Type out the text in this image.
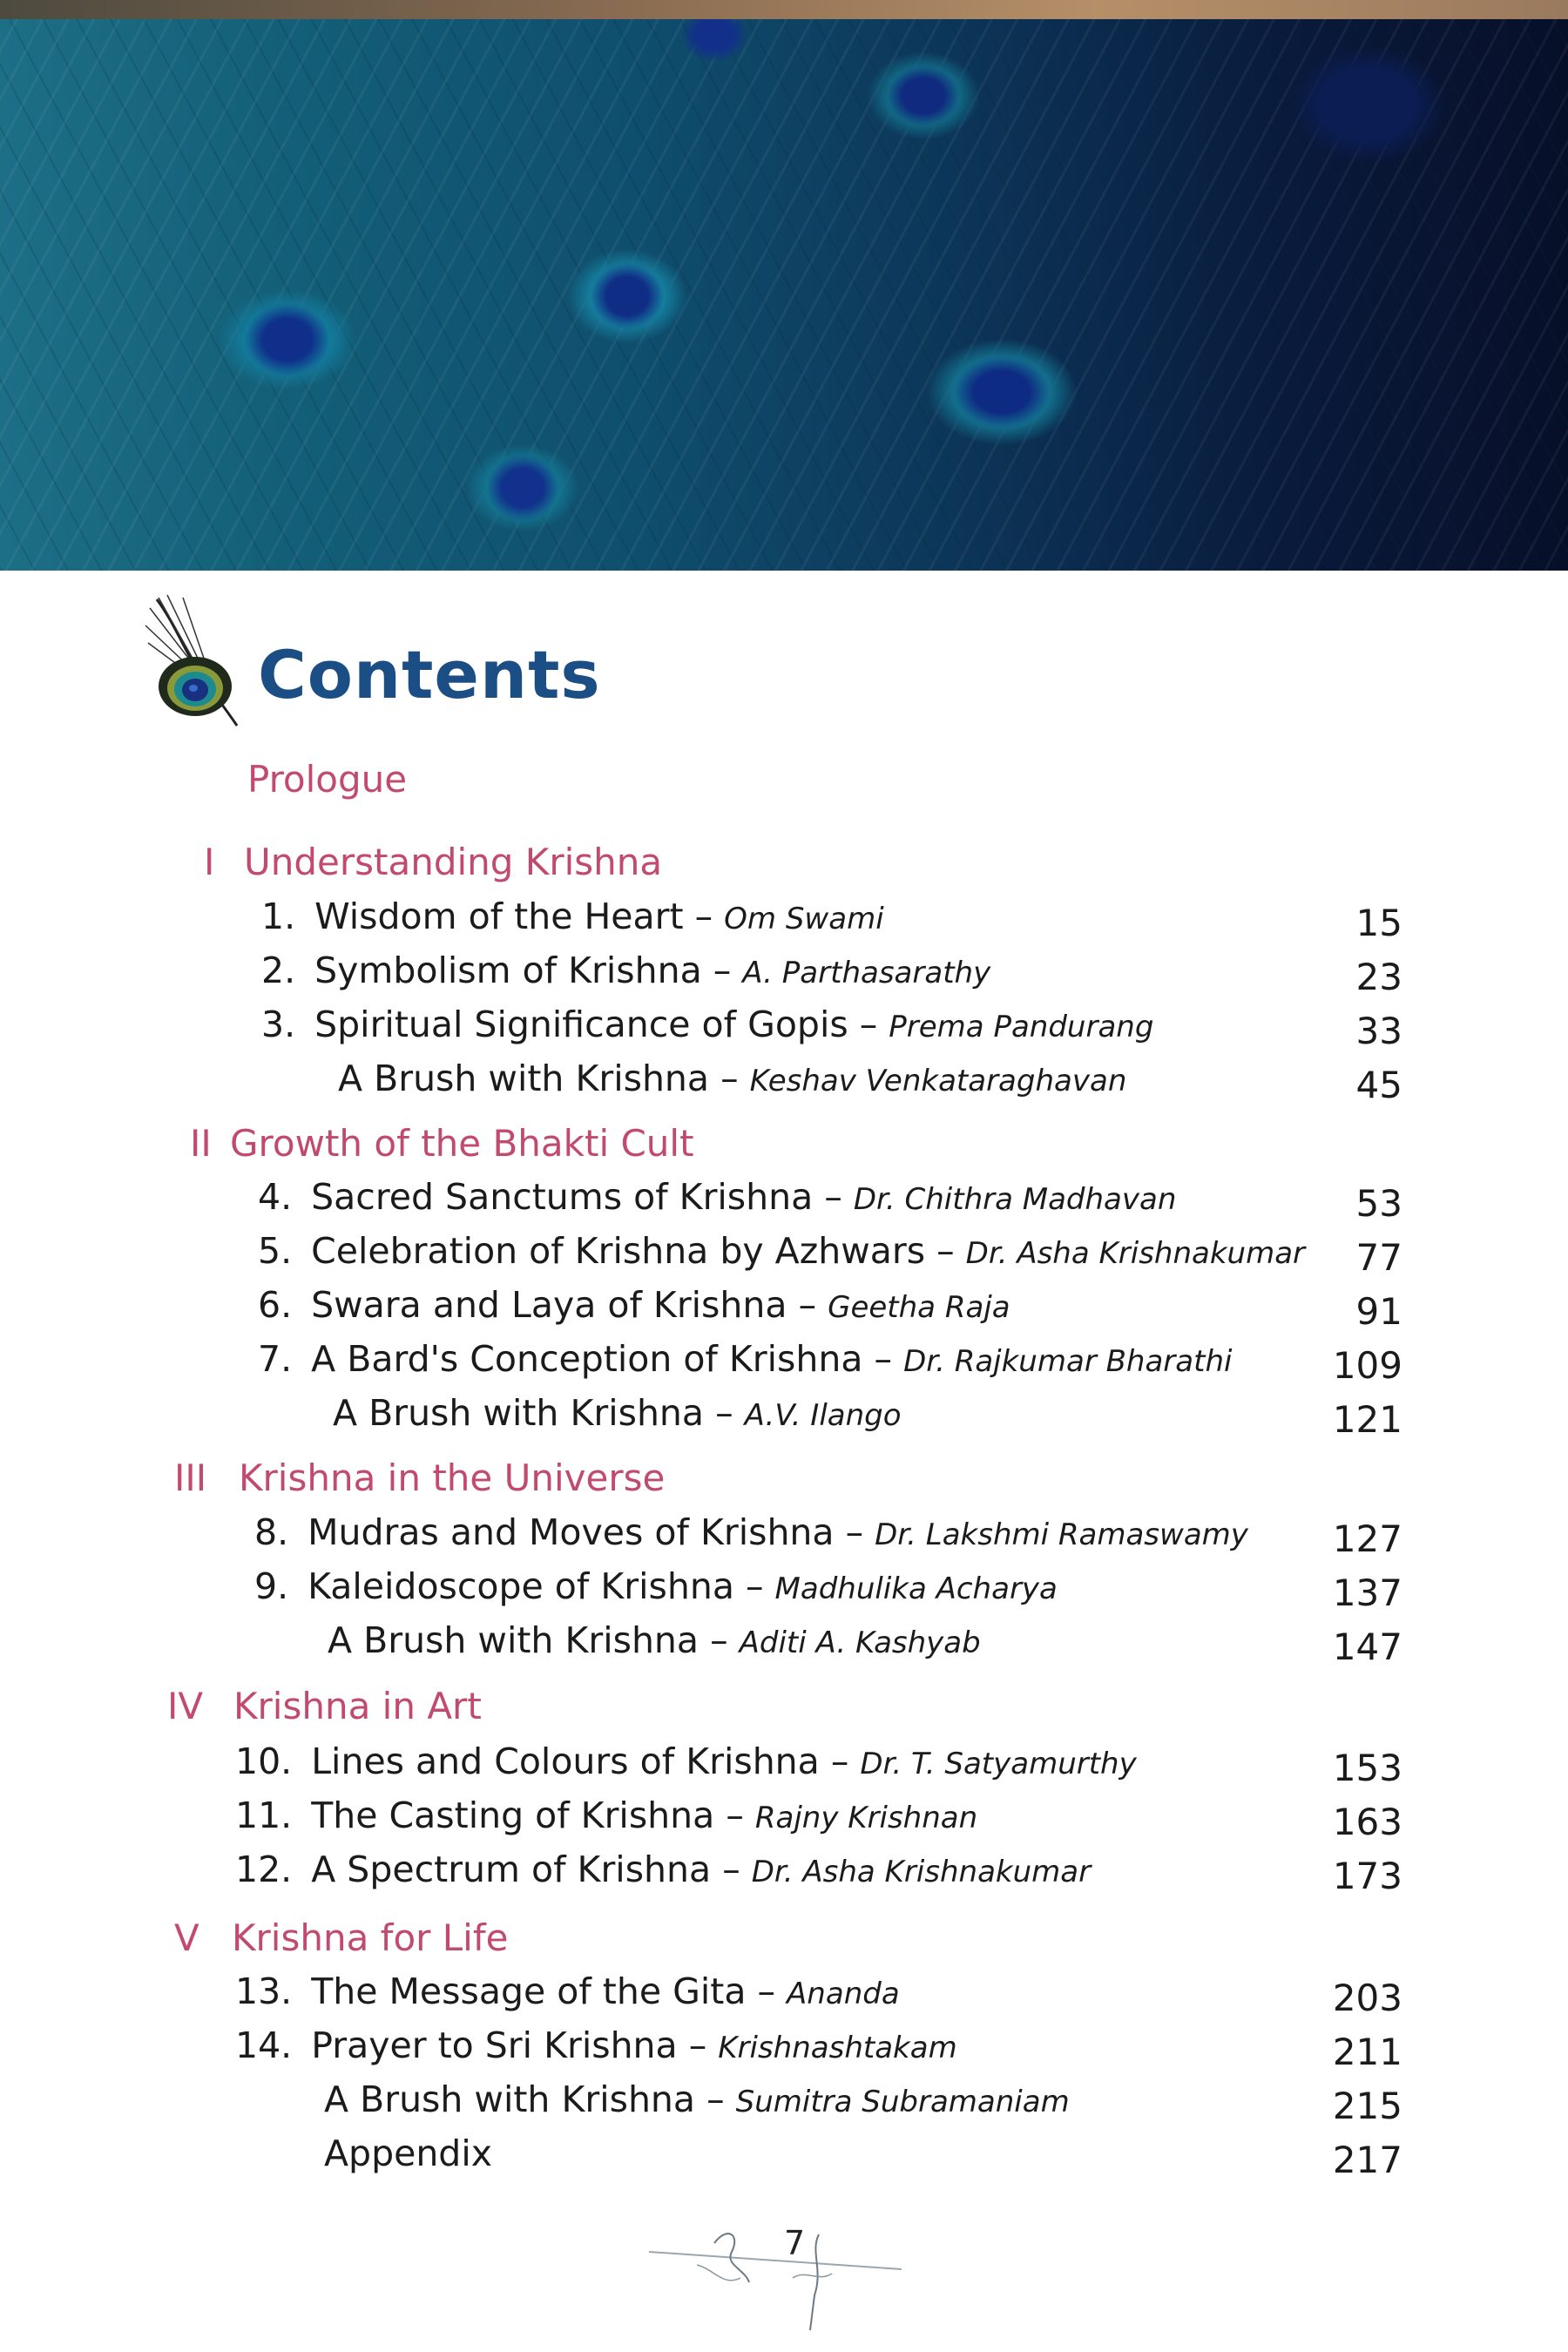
Contents
Prologue
I Understanding Krishna
1. Wisdom of the Heart – Om Swami	15
2. Symbolism of Krishna – A. Parthasarathy	23
3. Spiritual Significance of Gopis – Prema Pandurang	33
A Brush with Krishna – Keshav Venkataraghavan	45
II Growth of the Bhakti Cult
4. Sacred Sanctums of Krishna – Dr. Chithra Madhavan	53
5. Celebration of Krishna by Azhwars – Dr. Asha Krishnakumar 77
6. Swara and Laya of Krishna – Geetha Raja	91
7. A Bard's Conception of Krishna – Dr. Rajkumar Bharathi	109
A Brush with Krishna – A.V. Ilango	121
III Krishna in the Universe
8. Mudras and Moves of Krishna – Dr. Lakshmi Ramaswamy 127
9. Kaleidoscope of Krishna – Madhulika Acharya	137
A Brush with Krishna – Aditi A. Kashyab	147
IV Krishna in Art
10. Lines and Colours of Krishna – Dr. T. Satyamurthy	153
11. The Casting of Krishna – Rajny Krishnan	163
12. A Spectrum of Krishna – Dr. Asha Krishnakumar	173
V Krishna for Life
13. The Message of the Gita – Ananda	203
14. Prayer to Sri Krishna – Krishnashtakam	211
A Brush with Krishna – Sumitra Subramaniam	215
Appendix	217
7
